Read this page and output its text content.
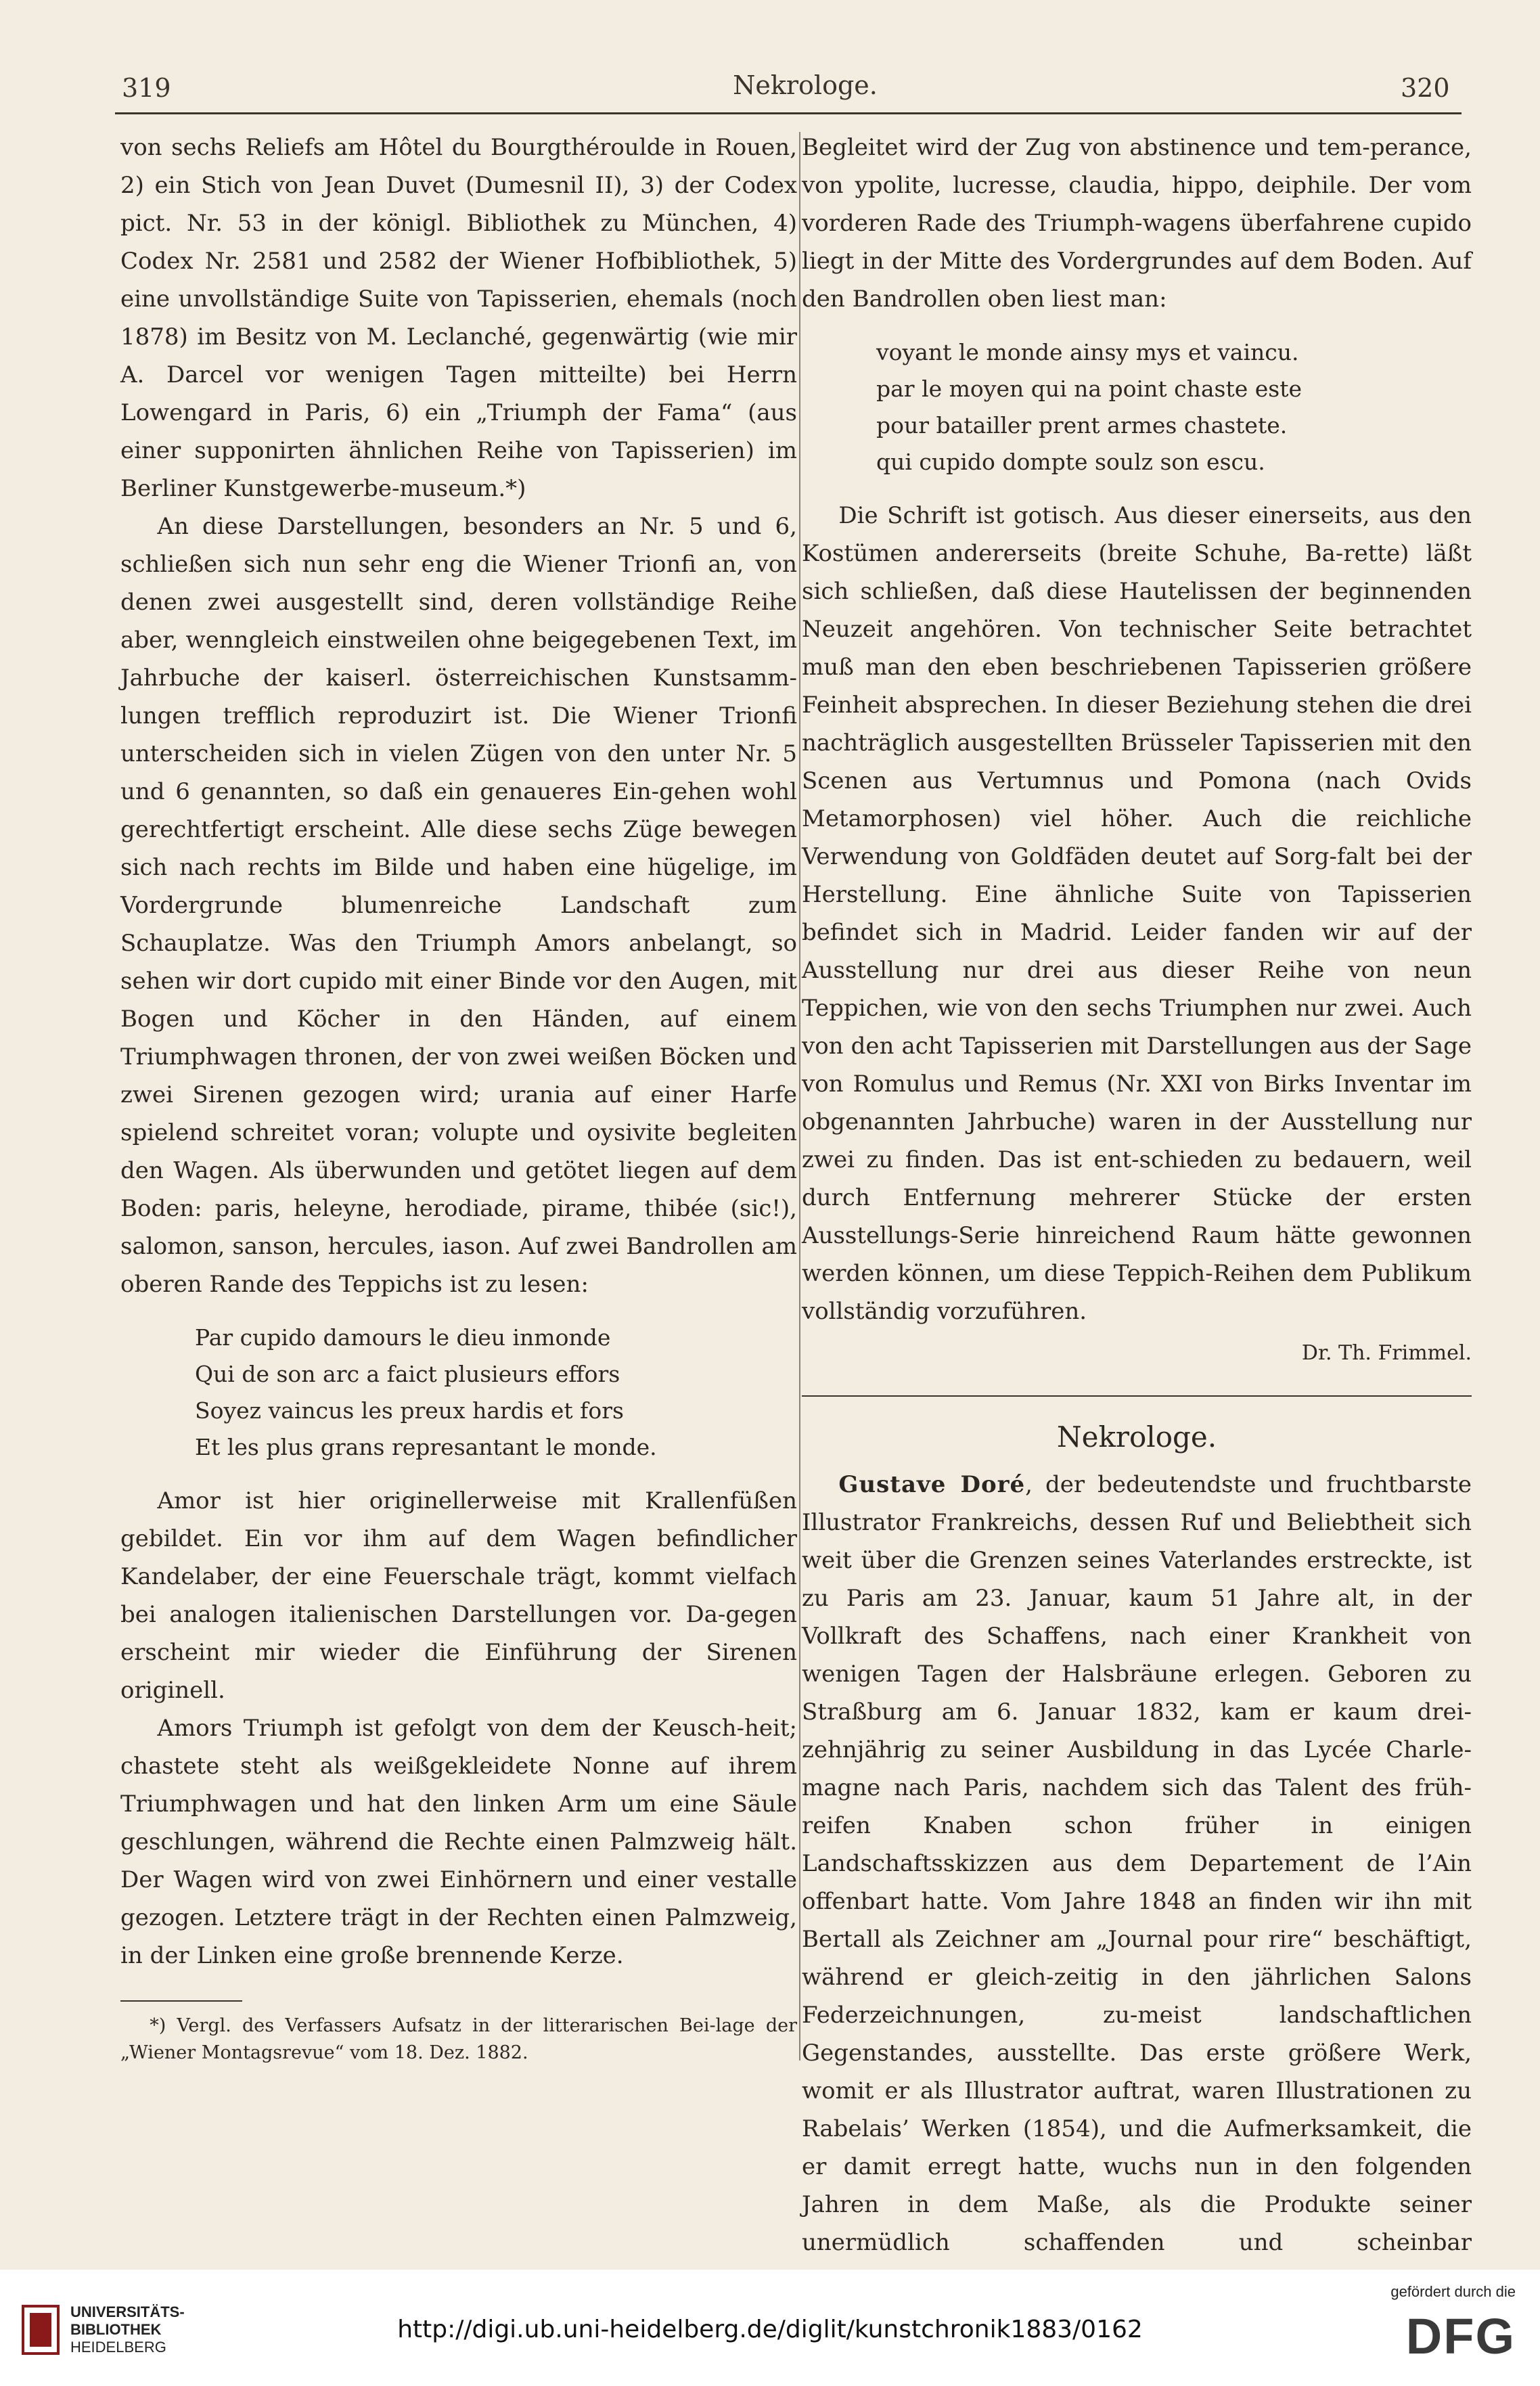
319	Nekrologe.	320

von sechs Reliefs am Hôtel du Bourgthéroulde in Rouen, 2) ein Stich von Jean Duvet (Dumesnil II), 3) der Codex pict. Nr. 53 in der königl. Bibliothek zu München, 4) Codex Nr. 2581 und 2582 der Wiener Hofbibliothek, 5) eine unvollständige Suite von Tapisserien, ehemals (noch 1878) im Besitz von M. Leclanché, gegenwärtig (wie mir A. Darcel vor wenigen Tagen mitteilte) bei Herrn Lowengard in Paris, 6) ein „Triumph der Fama“ (aus einer supponirten ähnlichen Reihe von Tapisserien) im Berliner Kunstgewerbe-museum.*)

An diese Darstellungen, besonders an Nr. 5 und 6, schließen sich nun sehr eng die Wiener Trionfi an, von denen zwei ausgestellt sind, deren vollständige Reihe aber, wenngleich einstweilen ohne beigegebenen Text, im Jahrbuche der kaiserl. österreichischen Kunstsamm-lungen trefflich reproduzirt ist. Die Wiener Trionfi unterscheiden sich in vielen Zügen von den unter Nr. 5 und 6 genannten, so daß ein genaueres Ein-gehen wohl gerechtfertigt erscheint. Alle diese sechs Züge bewegen sich nach rechts im Bilde und haben eine hügelige, im Vordergrunde blumenreiche Landschaft zum Schauplatze. Was den Triumph Amors anbelangt, so sehen wir dort cupido mit einer Binde vor den Augen, mit Bogen und Köcher in den Händen, auf einem Triumphwagen thronen, der von zwei weißen Böcken und zwei Sirenen gezogen wird; urania auf einer Harfe spielend schreitet voran; volupte und oysivite begleiten den Wagen. Als überwunden und getötet liegen auf dem Boden: paris, heleyne, herodiade, pirame, thibée (sic!), salomon, sanson, hercules, iason. Auf zwei Bandrollen am oberen Rande des Teppichs ist zu lesen:

Par cupido damours le dieu inmonde
Qui de son arc a faict plusieurs effors
Soyez vaincus les preux hardis et fors
Et les plus grans represantant le monde.

Amor ist hier originellerweise mit Krallenfüßen gebildet. Ein vor ihm auf dem Wagen befindlicher Kandelaber, der eine Feuerschale trägt, kommt vielfach bei analogen italienischen Darstellungen vor. Da-gegen erscheint mir wieder die Einführung der Sirenen originell.

Amors Triumph ist gefolgt von dem der Keusch-heit; chastete steht als weißgekleidete Nonne auf ihrem Triumphwagen und hat den linken Arm um eine Säule geschlungen, während die Rechte einen Palmzweig hält. Der Wagen wird von zwei Einhörnern und einer vestalle gezogen. Letztere trägt in der Rechten einen Palmzweig, in der Linken eine große brennende Kerze.

*) Vergl. des Verfassers Aufsatz in der litterarischen Bei-lage der „Wiener Montagsrevue“ vom 18. Dez. 1882.

Begleitet wird der Zug von abstinence und tem-perance, von ypolite, lucresse, claudia, hippo, deiphile. Der vom vorderen Rade des Triumph-wagens überfahrene cupido liegt in der Mitte des Vordergrundes auf dem Boden. Auf den Bandrollen oben liest man:

voyant le monde ainsy mys et vaincu.
par le moyen qui na point chaste este
pour batailler prent armes chastete.
qui cupido dompte soulz son escu.

Die Schrift ist gotisch. Aus dieser einerseits, aus den Kostümen andererseits (breite Schuhe, Ba-rette) läßt sich schließen, daß diese Hautelissen der beginnenden Neuzeit angehören. Von technischer Seite betrachtet muß man den eben beschriebenen Tapisserien größere Feinheit absprechen. In dieser Beziehung stehen die drei nachträglich ausgestellten Brüsseler Tapisserien mit den Scenen aus Vertumnus und Pomona (nach Ovids Metamorphosen) viel höher. Auch die reichliche Verwendung von Goldfäden deutet auf Sorg-falt bei der Herstellung. Eine ähnliche Suite von Tapisserien befindet sich in Madrid. Leider fanden wir auf der Ausstellung nur drei aus dieser Reihe von neun Teppichen, wie von den sechs Triumphen nur zwei. Auch von den acht Tapisserien mit Darstellungen aus der Sage von Romulus und Remus (Nr. XXI von Birks Inventar im obgenannten Jahrbuche) waren in der Ausstellung nur zwei zu finden. Das ist ent-schieden zu bedauern, weil durch Entfernung mehrerer Stücke der ersten Ausstellungs-Serie hinreichend Raum hätte gewonnen werden können, um diese Teppich-Reihen dem Publikum vollständig vorzuführen.

Dr. Th. Frimmel.
Nekrologe.

Gustave Doré, der bedeutendste und fruchtbarste Illustrator Frankreichs, dessen Ruf und Beliebtheit sich weit über die Grenzen seines Vaterlandes erstreckte, ist zu Paris am 23. Januar, kaum 51 Jahre alt, in der Vollkraft des Schaffens, nach einer Krankheit von wenigen Tagen der Halsbräune erlegen. Geboren zu Straßburg am 6. Januar 1832, kam er kaum drei-zehnjährig zu seiner Ausbildung in das Lycée Charle-magne nach Paris, nachdem sich das Talent des früh-reifen Knaben schon früher in einigen Landschaftsskizzen aus dem Departement de l’Ain offenbart hatte. Vom Jahre 1848 an finden wir ihn mit Bertall als Zeichner am „Journal pour rire“ beschäftigt, während er gleich-zeitig in den jährlichen Salons Federzeichnungen, zu-meist landschaftlichen Gegenstandes, ausstellte. Das erste größere Werk, womit er als Illustrator auftrat, waren Illustrationen zu Rabelais’ Werken (1854), und die Aufmerksamkeit, die er damit erregt hatte, wuchs nun in den folgenden Jahren in dem Maße, als die Produkte seiner unermüdlich schaffenden und scheinbar

UNIVERSITÄTS-
BIBLIOTHEK
HEIDELBERG
http://digi.ub.uni-heidelberg.de/diglit/kunstchronik1883/0162
gefördert durch die
DFG
